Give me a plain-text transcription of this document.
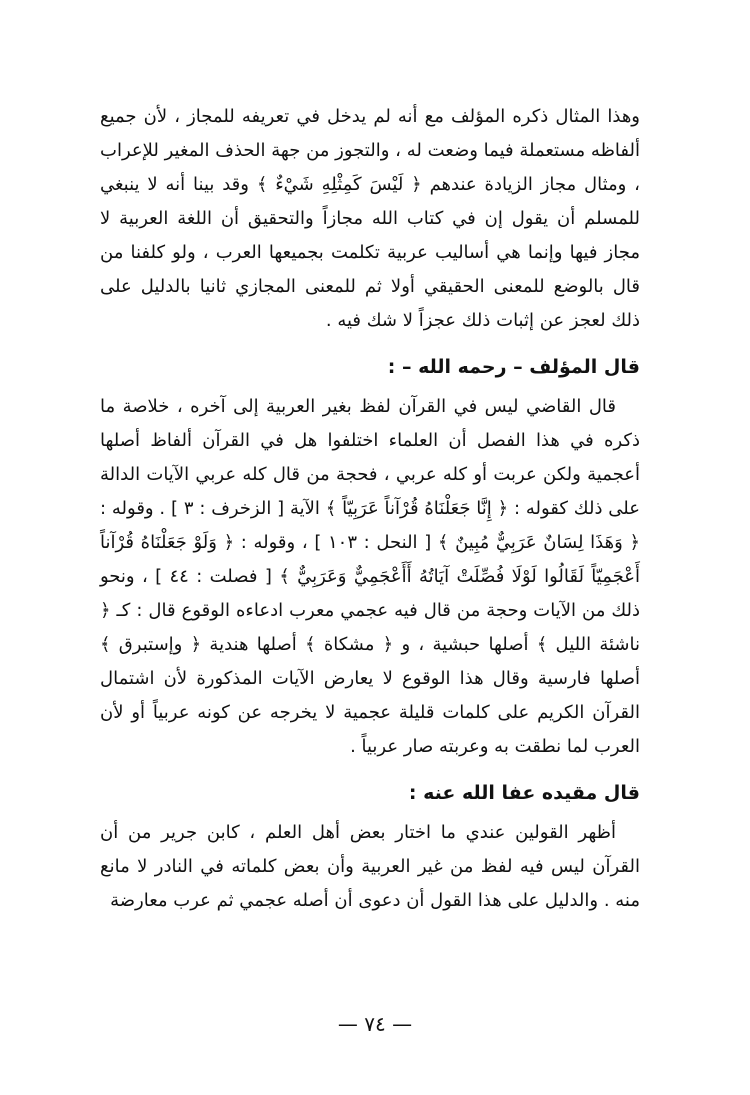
وهذا المثال ذكره المؤلف مع أنه لم يدخل في تعريفه للمجاز ، لأن جميع ألفاظه مستعملة فيما وضعت له ، والتجوز من جهة الحذف المغير للإعراب ، ومثال مجاز الزيادة عندهم ﴿ لَيْسَ كَمِثْلِهِ شَيْءٌ ﴾ وقد بينا أنه لا ينبغي للمسلم أن يقول إن في كتاب الله مجازاً والتحقيق أن اللغة العربية لا مجاز فيها وإنما هي أساليب عربية تكلمت بجميعها العرب ، ولو كلفنا من قال بالوضع للمعنى الحقيقي أولا ثم للمعنى المجازي ثانيا بالدليل على ذلك لعجز عن إثبات ذلك عجزاً لا شك فيه .

قال المؤلف – رحمه الله – :

قال القاضي ليس في القرآن لفظ بغير العربية إلى آخره ، خلاصة ما ذكره في هذا الفصل أن العلماء اختلفوا هل في القرآن ألفاظ أصلها أعجمية ولكن عربت أو كله عربي ، فحجة من قال كله عربي الآيات الدالة على ذلك كقوله : ﴿ إِنَّا جَعَلْنَاهُ قُرْآناً عَرَبِيّاً ﴾ الآية [ الزخرف : ٣ ] . وقوله : ﴿ وَهَذَا لِسَانٌ عَرَبِيٌّ مُبِينٌ ﴾ [ النحل : ١٠٣ ] ، وقوله : ﴿ وَلَوْ جَعَلْنَاهُ قُرْآناً أَعْجَمِيّاً لَقَالُوا لَوْلَا فُصِّلَتْ آيَاتُهُ أَأَعْجَمِيٌّ وَعَرَبِيٌّ ﴾ [ فصلت : ٤٤ ] ، ونحو ذلك من الآيات وحجة من قال فيه عجمي معرب ادعاءه الوقوع قال : كـ ﴿ ناشئة الليل ﴾ أصلها حبشية ، و ﴿ مشكاة ﴾ أصلها هندية ﴿ وإستبرق ﴾ أصلها فارسية وقال هذا الوقوع لا يعارض الآيات المذكورة لأن اشتمال القرآن الكريم على كلمات قليلة عجمية لا يخرجه عن كونه عربياً أو لأن العرب لما نطقت به وعربته صار عربياً .

قال مقيده عفا الله عنه :

أظهر القولين عندي ما اختار بعض أهل العلم ، كابن جرير من أن القرآن ليس فيه لفظ من غير العربية وأن بعض كلماته في النادر لا مانع منه . والدليل على هذا القول أن دعوى أن أصله عجمي ثم عرب معارضة

— ٧٤ —
